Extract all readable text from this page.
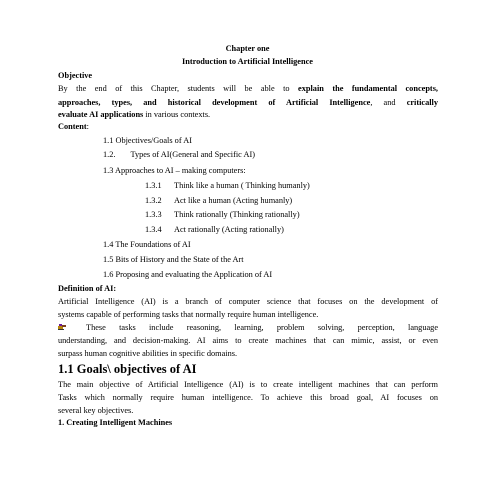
Chapter one
Introduction to Artificial Intelligence
Objective
By the end of this Chapter, students will be able to explain the fundamental concepts,
approaches, types, and historical development of Artificial Intelligence, and critically
evaluate AI applications in various contexts.
Content:
1.1 Objectives/Goals of AI
1.2. Types of AI(General and Specific AI)
1.3 Approaches to AI – making computers:
1.3.1 Think like a human ( Thinking humanly)
1.3.2 Act like a human (Acting humanly)
1.3.3 Think rationally (Thinking rationally)
1.3.4 Act rationally (Acting rationally)
1.4 The Foundations of AI
1.5 Bits of History and the State of the Art
1.6 Proposing and evaluating the Application of AI
Definition of AI:
Artificial Intelligence (AI) is a branch of computer science that focuses on the development of
systems capable of performing tasks that normally require human intelligence.

These tasks include reasoning, learning, problem solving, perception, language
understanding, and decision-making. AI aims to create machines that can mimic, assist, or even
surpass human cognitive abilities in specific domains.
1.1 Goals\ objectives of AI
The main objective of Artificial Intelligence (AI) is to create intelligent machines that can perform
Tasks which normally require human intelligence. To achieve this broad goal, AI focuses on
several key objectives.
1. Creating Intelligent Machines
